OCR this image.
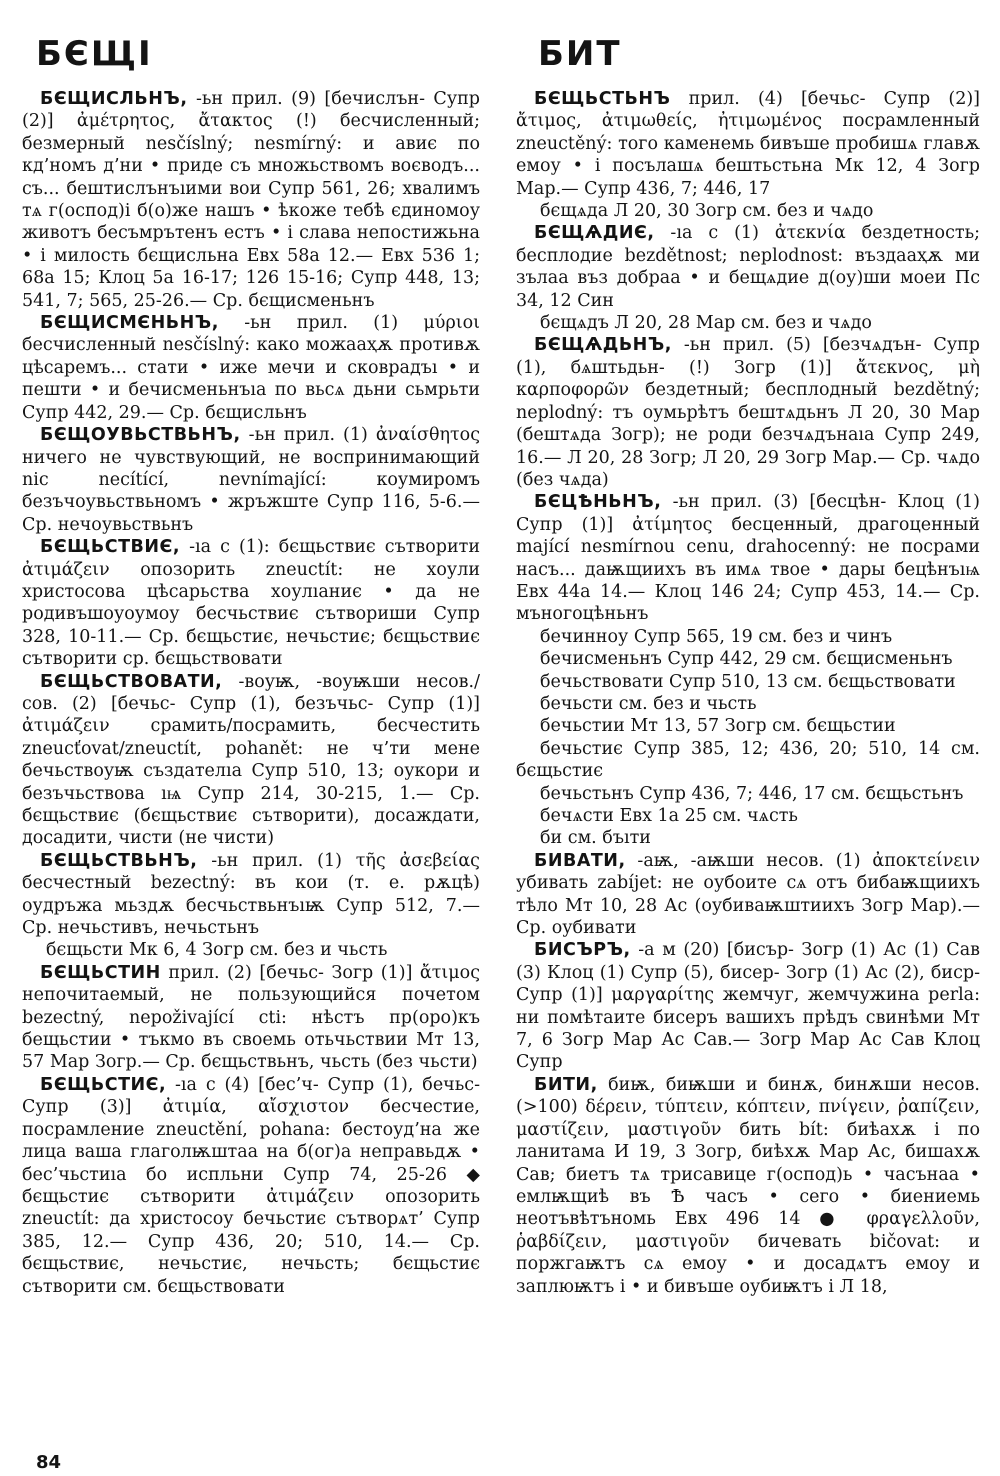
БЄЩІ	БИТ

БЄЩИСЛЬНЪ, -ьн прил. (9) [бечислън- Супр (2)] ἀμέτρητος, ἄτακτος (!) бесчисленный; безмерный nesčíslný; nesmírný: и авиє по кд’номъ д’ни • приде съ множьствомъ воєводъ... съ... бештислънъıими вои Супр 561, 26; хвалимъ тѧ г(оспод)і б(о)же нашъ • ѣкоже тебѣ єдиномоу животъ бесъмрътенъ естъ • і слава непостижьна • і милость бєщисльна Евх 58а 12.— Евх 536 1; 68а 15; Клоц 5а 16-17; 126 15-16; Супр 448, 13; 541, 7; 565, 25-26.— Ср. бєщисменьнъ

БЄЩИСМЄНЬНЪ, -ьн прил. (1) μύριοι бесчисленный nesčíslný: како можааҳѫ противѫ цѣсаремъ... стати • иже мечи и сковрадъı • и пешти • и бечисменьнъıа по вьсѧ дьни сьмрьти Супр 442, 29.— Ср. бєщисльнъ

БЄЩОУВЬСТВЬНЪ, -ьн прил. (1) ἀναίσθητος ничего не чувствующий, не воспринимающий nic necítící, nevnímající: коумиромъ безъчоувьствьномъ • жръжште Супр 116, 5-6.— Ср. нечоувьствьнъ

БЄЩЬСТВИЄ, -ıа с (1): бєщьствиє сътворити ἀτιμάζειν опозорить zneuctít: не хоули христосова цѣсарьства хоулıаниє • да не родивъшоуоумоу бесчьствиє сътвориши Супр 328, 10-11.— Ср. бєщьстиє, нечьстиє; бєщьствиє сътворити ср. бєщьствовати

БЄЩЬСТВОВАТИ, -воуѭ, -воуѭши несов./сов. (2) [бечьс- Супр (1), безъчьс- Супр (1)] ἀτιμάζειν срамить/посрамить, бесчестить zneucťovat/zneuctít, pohanět: не ч’ти мене бечьствоуѭ създателıа Супр 510, 13; оукори и безъчьствова ıѩ Супр 214, 30-215, 1.— Ср. бєщьствиє (бєщьствиє сътворити), досаждати, досадити, чисти (не чисти)

БЄЩЬСТВЬНЪ, -ьн прил. (1) τῆς ἀσεβείας бесчестный bezectný: въ кои (т. е. рѫцѣ) оудръжа мьздѫ бесчьствьнъıѭ Супр 512, 7.— Ср. нечьстивъ, нечьстьнъ

бєщьсти Мк 6, 4 Зогр см. без и чьсть

БЄЩЬСТИН прил. (2) [бечьс- Зогр (1)] ἄτιμος непочитаемый, не пользующийся почетом bezectný, nepoživající cti: нѣстъ пр(оро)къ бещьстии • тъкмо въ своемь отьчьствии Мт 13, 57 Мар Зогр.— Ср. бєщьствьнъ, чьсть (без чьсти)

БЄЩЬСТИЄ, -ıа с (4) [бес’ч- Супр (1), бечьс- Супр (3)] ἀτιμία, αἴσχιστον бесчестие, посрамление zneuctění, pohana: бестоуд’на же лица ваша глаголѭштаа на б(ог)а неправьдѫ • бес’чьстиıа бо испльни Супр 74, 25-26 ◆ бєщьстиє сътворити ἀτιμάζειν опозорить zneuctít: да христосоу бечьстиє сътворѧт’ Супр 385, 12.— Супр 436, 20; 510, 14.— Ср. бєщьствиє, нечьстиє, нечьсть; бєщьстиє сътворити см. бєщьствовати

БЄЩЬСТЬНЪ прил. (4) [бечьс- Супр (2)] ἄτιμος, ἀτιμωθείς, ἠτιμωμένος посрамленный zneuctěný: того каменемь бивъше пробишѧ главѫ емоу • і посълашѧ бештьстьна Мк 12, 4 Зогр Мар.— Супр 436, 7; 446, 17

бєщѧда Л 20, 30 Зогр см. без и чѧдо

БЄЩѦДИЄ, -ıа с (1) ἀτεκνία бездетность; бесплодие bezdětnost; neplodnost: въздааҳѫ ми зълаа въз добраа • и бещѧдие д(оу)ши моеи Пс 34, 12 Син

бєщѧдъ Л 20, 28 Мар см. без и чѧдо

БЄЩѦДЬНЪ, -ьн прил. (5) [безчѧдън- Супр (1), бѧштьдьн- (!) Зогр (1)] ἄτεκνος, μὴ καρποφορῶν бездетный; бесплодный bezdětný; neplodný: тъ оумьрѣтъ бештѧдьнъ Л 20, 30 Мар (бештѧда Зогр); не роди безчѧдънаıа Супр 249, 16.— Л 20, 28 Зогр; Л 20, 29 Зогр Мар.— Ср. чѧдо (без чѧда)

БЄЦѢНЬНЪ, -ьн прил. (3) [бесцѣн- Клоц (1) Супр (1)] ἀτίμητος бесценный, драгоценный mající nesmírnou cenu, drahocenný: не посрами насъ... даѭщиихъ въ имѧ твое • дары бецѣнъıѩ Евх 44а 14.— Клоц 146 24; Супр 453, 14.— Ср. мъногоцѣньнъ

бечинноу Супр 565, 19 см. без и чинъ

бечисменьнъ Супр 442, 29 см. бєщисменьнъ

бечьствовати Супр 510, 13 см. бєщьствовати

бечьсти см. без и чьсть

бечьстии Мт 13, 57 Зогр см. бєщьстии

бечьстиє Супр 385, 12; 436, 20; 510, 14 см. бєщьстиє

бечьстьнъ Супр 436, 7; 446, 17 см. бєщьстьнъ

бечѧсти Евх 1а 25 см. чѧсть

би см. бъıти

БИВАТИ, -аѭ, -аѭши несов. (1) ἀποκτείνειν убивать zabíjet: не оубоите сѧ отъ бибаѭщиихъ тѣло Мт 10, 28 Ас (оубиваѭштиихъ Зогр Мар).— Ср. оубивати

БИСЪРЪ, -а м (20) [бисър- Зогр (1) Ас (1) Сав (3) Клоц (1) Супр (5), бисер- Зогр (1) Ас (2), биср- Супр (1)] μαργαρίτης жемчуг, жемчужина perla: ни помѣтаите бисеръ вашихъ прѣдъ свинѣми Мт 7, 6 Зогр Мар Ас Сав.— Зогр Мар Ас Сав Клоц Супр

БИТИ, биѭ, биѭши и бинѫ, бинѫши несов. (>100) δέρειν, τύπτειν, κόπτειν, πνίγειν, ῥαπίζειν, μαστίζειν, μαστιγοῦν бить bít: биѣахѫ і по ланитама И 19, 3 Зогр, биѣхѫ Мар Ас, бишахѫ Сав; биетъ тѧ трисавице г(оспод)ь • часънаа • емлѭщиѣ въ Ѣ часъ • сего • биениемь неотъвѣтъномь Евх 496 14 ● φραγελλοῦν, ῥαβδίζειν, μαστιγοῦν бичевать bičovat: и поржгаѭтъ сѧ емоу • и досадѧтъ емоу и заплюѭтъ і • и бивъше оубиѭтъ і Л 18,

84
